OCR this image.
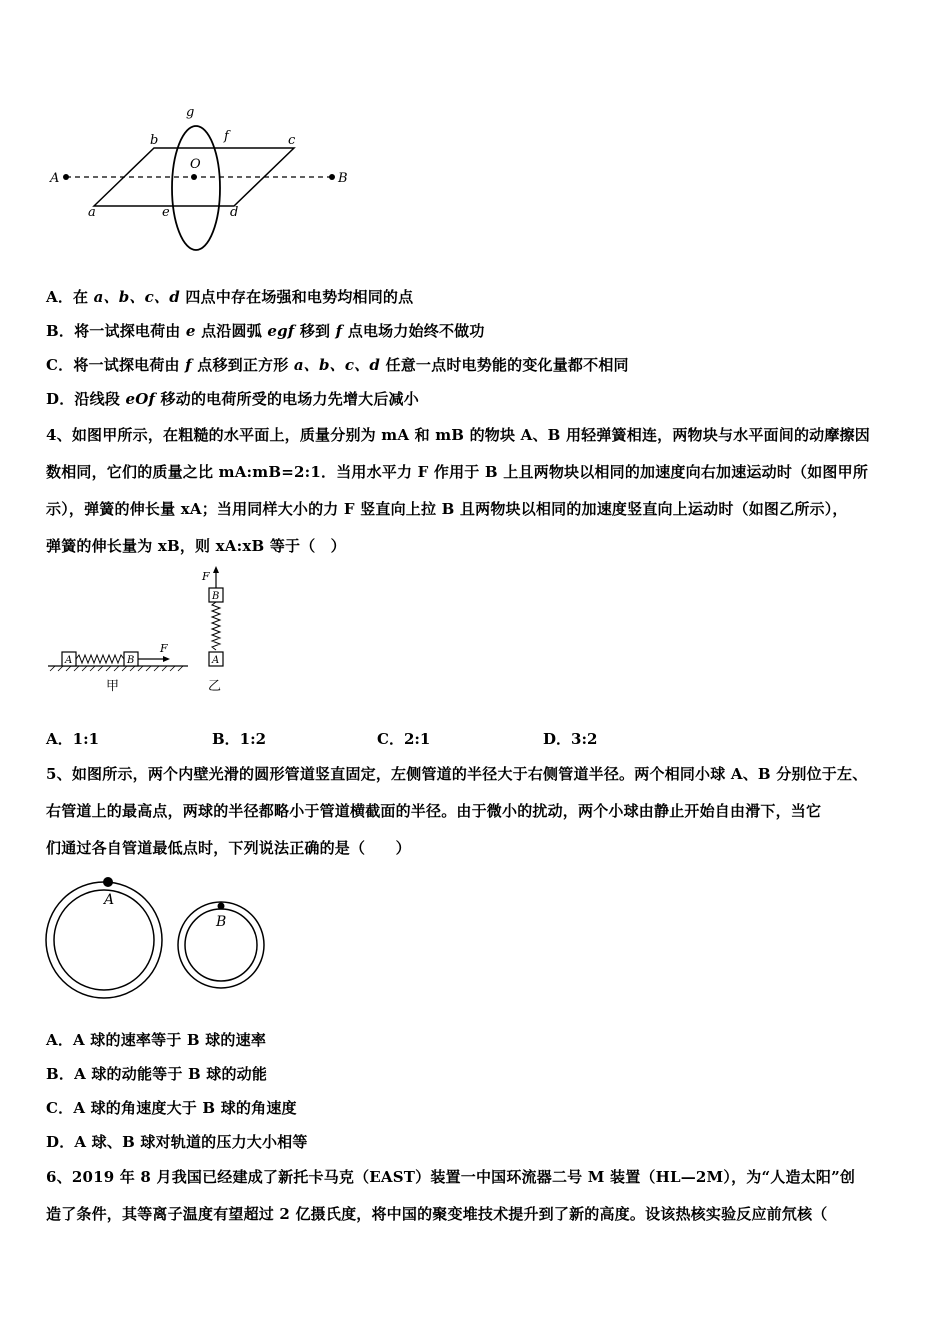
A	B
O
a
b	c
d
e
f
g
A．在 a、b、c、d 四点中存在场强和电势均相同的点
B．将一试探电荷由 e 点沿圆弧 egf 移到 f 点电场力始终不做功
C．将一试探电荷由 f 点移到正方形 a、b、c、d 任意一点时电势能的变化量都不相同
D．沿线段 eOf 移动的电荷所受的电场力先增大后减小
4、如图甲所示，在粗糙的水平面上，质量分别为 mA 和 mB 的物块 A、B 用轻弹簧相连，两物块与水平面间的动摩擦因
数相同，它们的质量之比 mA:mB=2:1．当用水平力 F 作用于 B 上且两物块以相同的加速度向右加速运动时（如图甲所
示），弹簧的伸长量 xA；当用同样大小的力 F 竖直向上拉 B 且两物块以相同的加速度竖直向上运动时（如图乙所示），
弹簧的伸长量为 xB，则 xA:xB 等于（　）
A	B
F
甲
F
B
A
乙
A．1:1	B．1:2	C．2:1	D．3:2
5、如图所示，两个内壁光滑的圆形管道竖直固定，左侧管道的半径大于右侧管道半径。两个相同小球 A、B 分别位于左、
右管道上的最高点，两球的半径都略小于管道横截面的半径。由于微小的扰动，两个小球由静止开始自由滑下，当它
们通过各自管道最低点时，下列说法正确的是（　　）
A
B
A．A 球的速率等于 B 球的速率
B．A 球的动能等于 B 球的动能
C．A 球的角速度大于 B 球的角速度
D．A 球、B 球对轨道的压力大小相等
6、2019 年 8 月我国已经建成了新托卡马克（EAST）装置一中国环流器二号 M 装置（HL—2M），为“人造太阳”创
造了条件，其等离子温度有望超过 2 亿摄氏度，将中国的聚变堆技术提升到了新的高度。设该热核实验反应前氘核（
